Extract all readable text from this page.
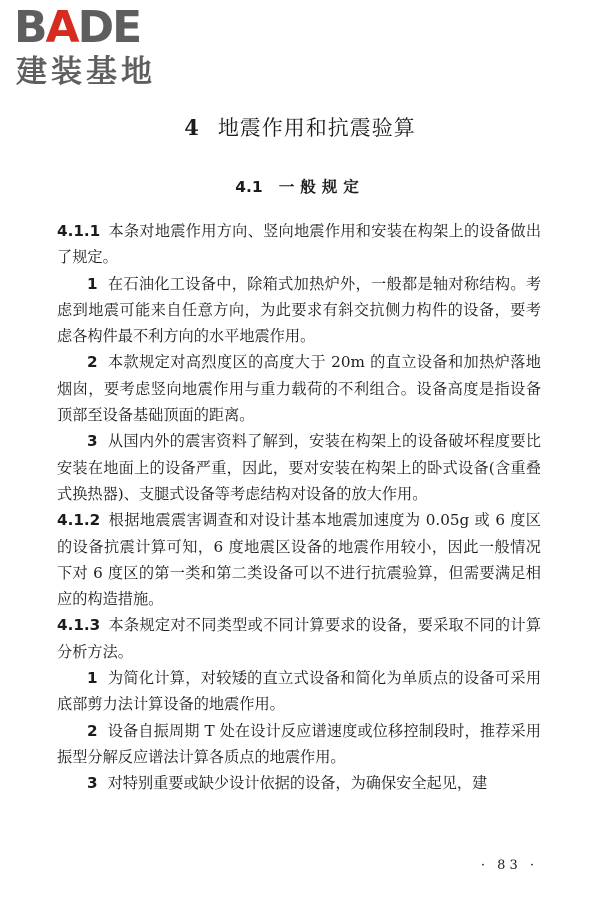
BADE
建装基地
4 地震作用和抗震验算
4.1 一般规定

4.1.1 本条对地震作用方向、竖向地震作用和安装在构架上的设备做出了规定。

1 在石油化工设备中，除箱式加热炉外，一般都是轴对称结构。考虑到地震可能来自任意方向，为此要求有斜交抗侧力构件的设备，要考虑各构件最不利方向的水平地震作用。

2 本款规定对高烈度区的高度大于 20m 的直立设备和加热炉落地烟囱，要考虑竖向地震作用与重力载荷的不利组合。设备高度是指设备顶部至设备基础顶面的距离。

3 从国内外的震害资料了解到，安装在构架上的设备破坏程度要比安装在地面上的设备严重，因此，要对安装在构架上的卧式设备(含重叠式换热器)、支腿式设备等考虑结构对设备的放大作用。

4.1.2 根据地震震害调查和对设计基本地震加速度为 0.05g 或 6 度区的设备抗震计算可知，6 度地震区设备的地震作用较小，因此一般情况下对 6 度区的第一类和第二类设备可以不进行抗震验算，但需要满足相应的构造措施。

4.1.3 本条规定对不同类型或不同计算要求的设备，要采取不同的计算分析方法。

1 为简化计算，对较矮的直立式设备和简化为单质点的设备可采用底部剪力法计算设备的地震作用。

2 设备自振周期 T 处在设计反应谱速度或位移控制段时，推荐采用振型分解反应谱法计算各质点的地震作用。

3 对特别重要或缺少设计依据的设备，为确保安全起见，建

· 83 ·
